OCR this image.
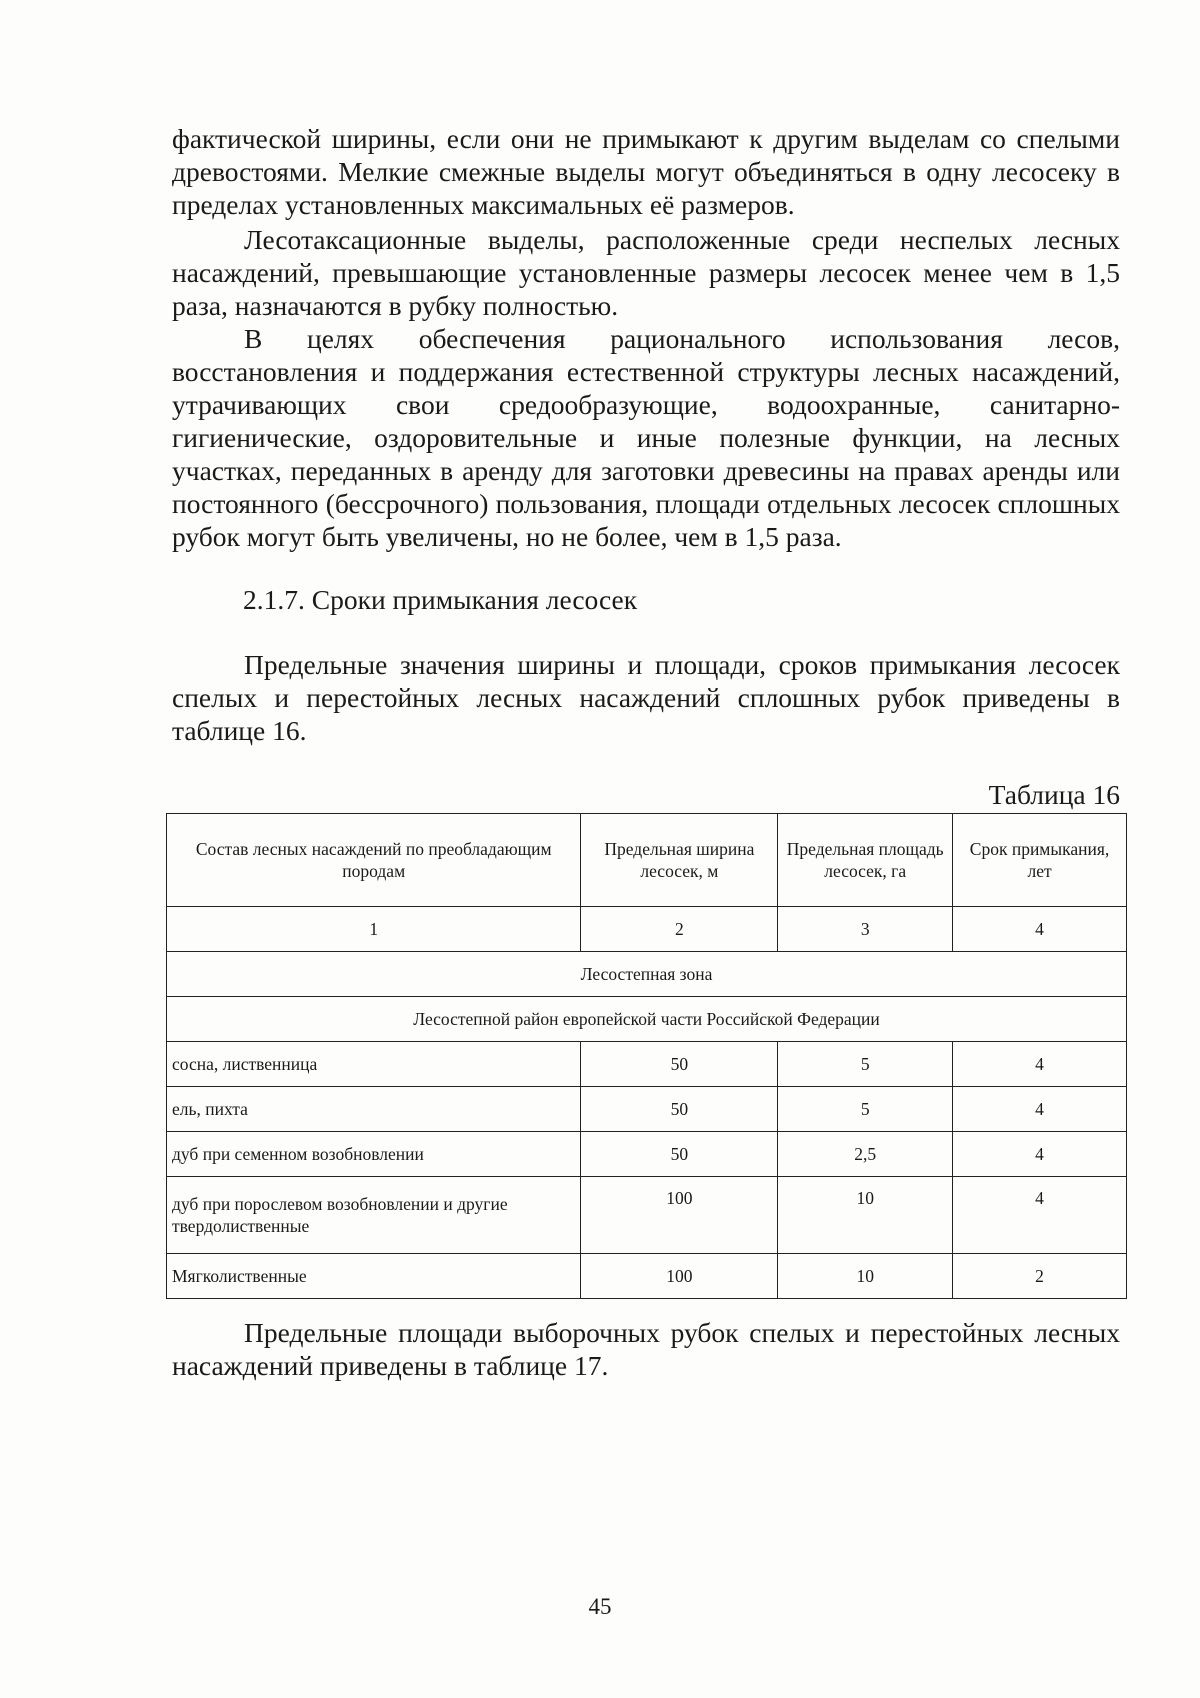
фактической ширины, если они не примыкают к другим выделам со спелыми древостоями. Мелкие смежные выделы могут объединяться в одну лесосеку в пределах установленных максимальных её размеров.

Лесотаксационные выделы, расположенные среди неспелых лесных насаждений, превышающие установленные размеры лесосек менее чем в 1,5 раза, назначаются в рубку полностью.

В целях обеспечения рационального использования лесов, восстановления и поддержания естественной структуры лесных насаждений, утрачивающих свои средообразующие, водоохранные, санитарно-гигиенические, оздоровительные и иные полезные функции, на лесных участках, переданных в аренду для заготовки древесины на правах аренды или постоянного (бессрочного) пользования, площади отдельных лесосек сплошных рубок могут быть увеличены, но не более, чем в 1,5 раза.

2.1.7. Сроки примыкания лесосек

Предельные значения ширины и площади, сроков примыкания лесосек спелых и перестойных лесных насаждений сплошных рубок приведены в таблице 16.

Таблица 16
Состав лесных насаждений по преобладающим породам	Предельная ширина лесосек, м	Предельная площадь лесосек, га	Срок примыкания, лет
1	2	3	4
Лесостепная зона			
Лесостепной район европейской части Российской Федерации			
сосна, лиственница	50	5	4
ель, пихта	50	5	4
дуб при семенном возобновлении	50	2,5	4
дуб при порослевом возобновлении и другие твердолиственные	100	10	4
Мягколиственные	100	10	2

Предельные площади выборочных рубок спелых и перестойных лесных насаждений приведены в таблице 17.

45
